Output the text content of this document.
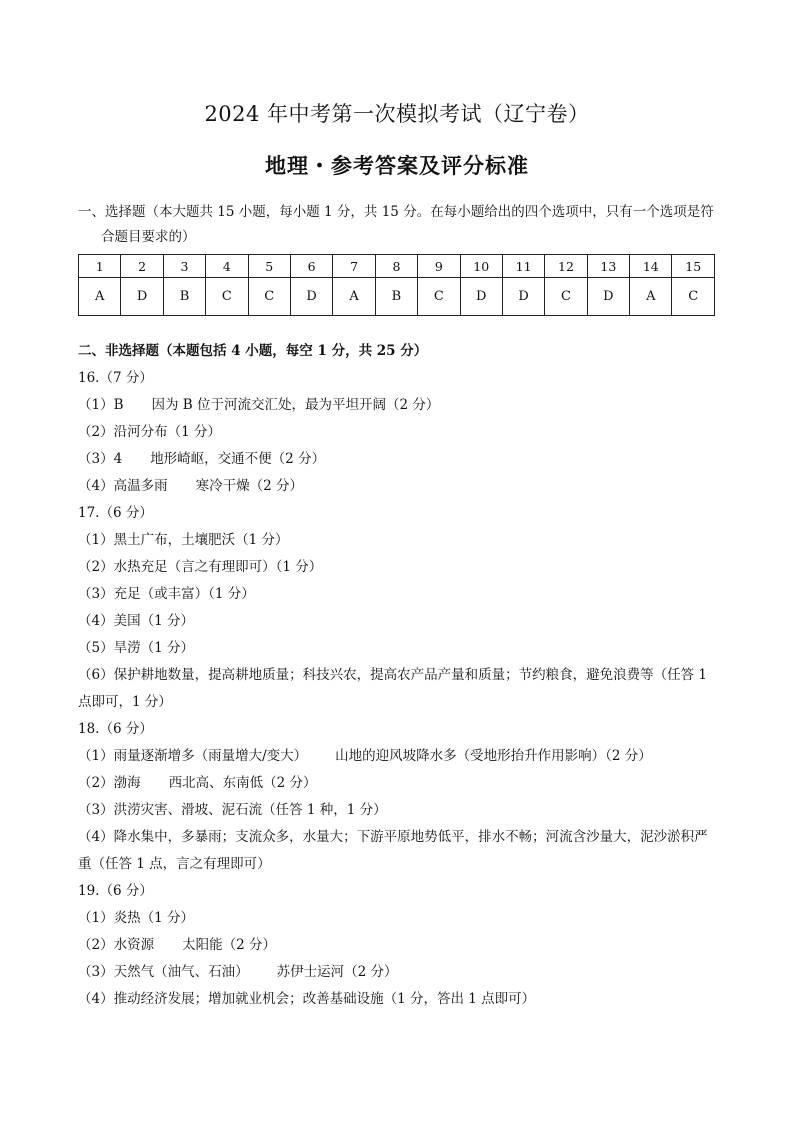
2024 年中考第一次模拟考试（辽宁卷）
地理・参考答案及评分标准
一、选择题（本大题共 15 小题，每小题 1 分，共 15 分。在每小题给出的四个选项中，只有一个选项是符
合题目要求的）
1	2	3	4	5	6	7	8	9	10	11	12	13	14	15
A	D	B	C	C	D	A	B	C	D	D	C	D	A	C
二、非选择题（本题包括 4 小题，每空 1 分，共 25 分）
16.（7 分）
（1）B 因为 B 位于河流交汇处，最为平坦开阔（2 分）
（2）沿河分布（1 分）
（3）4 地形崎岖，交通不便（2 分）
（4）高温多雨 寒冷干燥（2 分）
17.（6 分）
（1）黑土广布，土壤肥沃（1 分）
（2）水热充足（言之有理即可）（1 分）
（3）充足（或丰富）（1 分）
（4）美国（1 分）
（5）旱涝（1 分）
（6）保护耕地数量，提高耕地质量；科技兴农，提高农产品产量和质量；节约粮食，避免浪费等（任答 1
点即可，1 分）
18.（6 分）
（1）雨量逐渐增多（雨量增大/变大） 山地的迎风坡降水多（受地形抬升作用影响）（2 分）
（2）渤海 西北高、东南低（2 分）
（3）洪涝灾害、滑坡、泥石流（任答 1 种，1 分）
（4）降水集中，多暴雨；支流众多，水量大；下游平原地势低平，排水不畅；河流含沙量大，泥沙淤积严
重（任答 1 点，言之有理即可）
19.（6 分）
（1）炎热（1 分）
（2）水资源 太阳能（2 分）
（3）天然气（油气、石油） 苏伊士运河（2 分）
（4）推动经济发展；增加就业机会；改善基础设施（1 分，答出 1 点即可）
